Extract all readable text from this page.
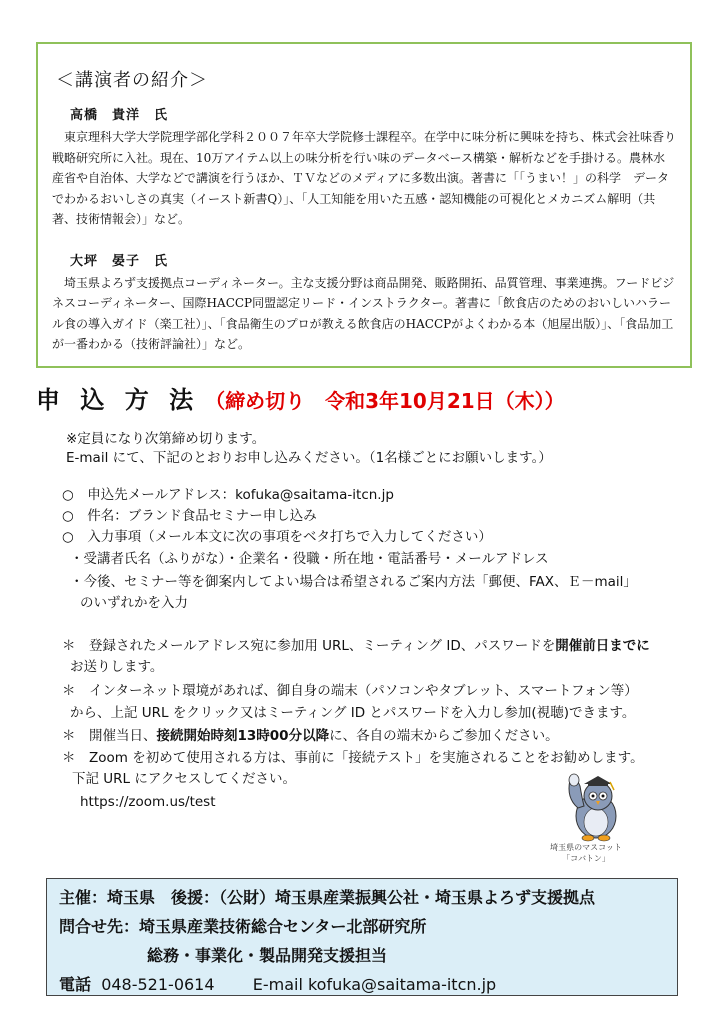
＜講演者の紹介＞
高橋　貴洋　氏
東京理科大学大学院理学部化学科２００７年卒大学院修士課程卒。在学中に味分析に興味を持ち、株式会社味香り戦略研究所に入社。現在、10万アイテム以上の味分析を行い味のデータベース構築・解析などを手掛ける。農林水産省や自治体、大学などで講演を行うほか、ＴＶなどのメディアに多数出演。著書に「「うまい！」の科学　データでわかるおいしさの真実（イースト新書Q）」、「人工知能を用いた五感・認知機能の可視化とメカニズム解明（共著、技術情報会）」など。
大坪　晏子　氏
埼玉県よろず支援拠点コーディネーター。主な支援分野は商品開発、販路開拓、品質管理、事業連携。フードビジネスコーディネーター、国際HACCP同盟認定リード・インストラクター。著書に「飲食店のためのおいしいハラール食の導入ガイド（楽工社）」、「食品衛生のプロが教える飲食店のHACCPがよくわかる本（旭屋出版）」、「食品加工が一番わかる（技術評論社）」など。
申 込 方 法 （締め切り　令和3年10月21日（木））
※定員になり次第締め切ります。
E-mail にて、下記のとおりお申し込みください。（1名様ごとにお願いします。）
○　申込先メールアドレス：kofuka@saitama-itcn.jp
○　件名：ブランド食品セミナー申し込み
○　入力事項（メール本文に次の事項をベタ打ちで入力してください）
・受講者氏名（ふりがな）・企業名・役職・所在地・電話番号・メールアドレス
・今後、セミナー等を御案内してよい場合は希望されるご案内方法「郵便、FAX、Ｅ－mail」
のいずれかを入力
＊　登録されたメールアドレス宛に参加用 URL、ミーティング ID、パスワードを開催前日までに
お送りします。
＊　インターネット環境があれば、御自身の端末（パソコンやタブレット、スマートフォン等）
から、上記 URL をクリック又はミーティング ID とパスワードを入力し参加(視聴)できます。
＊　開催当日、接続開始時刻13時00分以降に、各自の端末からご参加ください。
＊　Zoom を初めて使用される方は、事前に「接続テスト」を実施されることをお勧めします。
下記 URL にアクセスしてください。
https://zoom.us/test
埼玉県のマスコット
「コバトン」
主催：埼玉県　後援：（公財）埼玉県産業振興公社・埼玉県よろず支援拠点
問合せ先：埼玉県産業技術総合センター北部研究所
総務・事業化・製品開発支援担当
電話 048-521-0614 E-mail kofuka@saitama-itcn.jp
